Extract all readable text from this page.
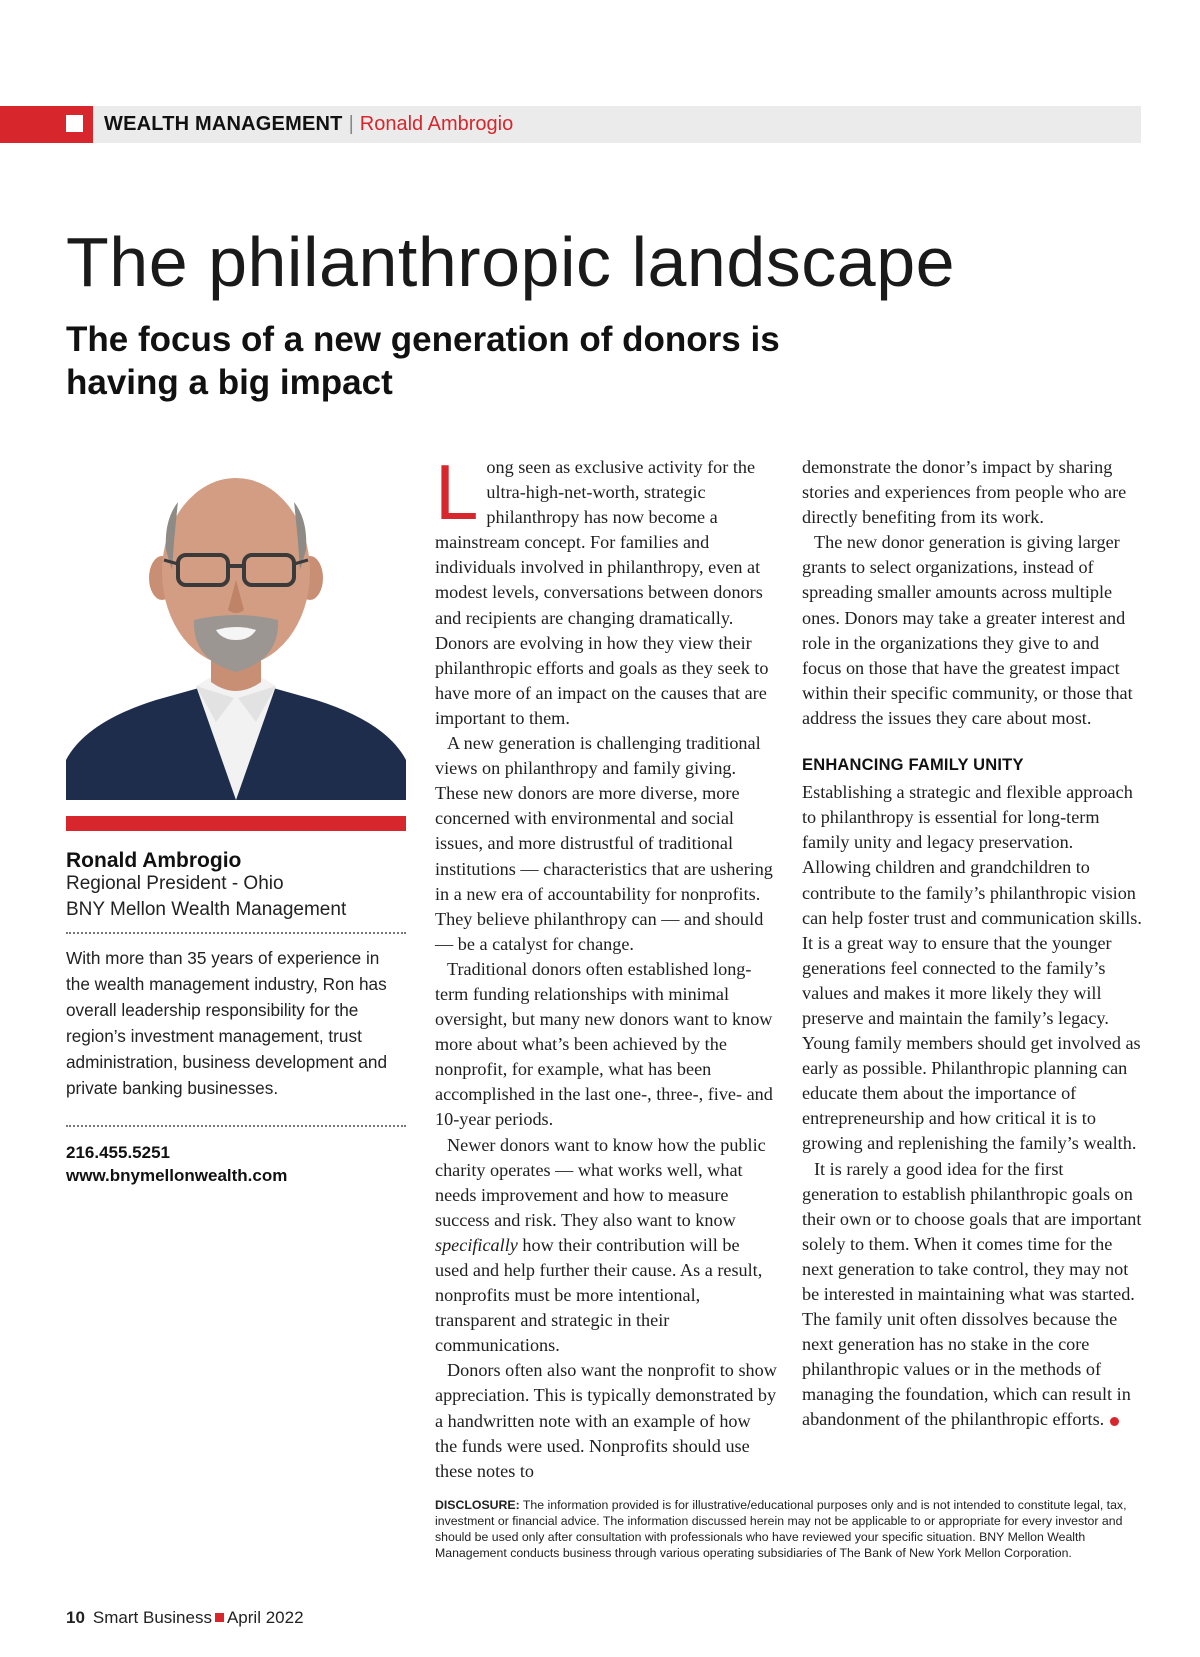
WEALTH MANAGEMENT | Ronald Ambrogio
The philanthropic landscape
The focus of a new generation of donors is having a big impact
Ronald Ambrogio
Regional President - Ohio
BNY Mellon Wealth Management
With more than 35 years of experience in the wealth management industry, Ron has overall leadership responsibility for the region’s investment management, trust administration, business development and private banking businesses.
216.455.5251
www.bnymellonwealth.com

Long seen as exclusive activity for the ultra-high-net-worth, strategic philanthropy has now become a mainstream concept. For families and individuals involved in philanthropy, even at modest levels, conversations between donors and recipients are changing dramatically. Donors are evolving in how they view their philanthropic efforts and goals as they seek to have more of an impact on the causes that are important to them.

A new generation is challenging traditional views on philanthropy and family giving. These new donors are more diverse, more concerned with environmental and social issues, and more distrustful of traditional institutions — characteristics that are ushering in a new era of accountability for nonprofits. They believe philanthropy can — and should — be a catalyst for change.

Traditional donors often established long-term funding relationships with minimal oversight, but many new donors want to know more about what’s been achieved by the nonprofit, for example, what has been accomplished in the last one-, three-, five- and 10-year periods.

Newer donors want to know how the public charity operates — what works well, what needs improvement and how to measure success and risk. They also want to know specifically how their contribution will be used and help further their cause. As a result, nonprofits must be more intentional, transparent and strategic in their communications.

Donors often also want the nonprofit to show appreciation. This is typically demonstrated by a handwritten note with an example of how the funds were used. Nonprofits should use these notes to

demonstrate the donor’s impact by sharing stories and experiences from people who are directly benefiting from its work.

The new donor generation is giving larger grants to select organizations, instead of spreading smaller amounts across multiple ones. Donors may take a greater interest and role in the organizations they give to and focus on those that have the greatest impact within their specific community, or those that address the issues they care about most.

ENHANCING FAMILY UNITY

Establishing a strategic and flexible approach to philanthropy is essential for long-term family unity and legacy preservation. Allowing children and grandchildren to contribute to the family’s philanthropic vision can help foster trust and communication skills. It is a great way to ensure that the younger generations feel connected to the family’s values and makes it more likely they will preserve and maintain the family’s legacy. Young family members should get involved as early as possible. Philanthropic planning can educate them about the importance of entrepreneurship and how critical it is to growing and replenishing the family’s wealth.

It is rarely a good idea for the first generation to establish philanthropic goals on their own or to choose goals that are important solely to them. When it comes time for the next generation to take control, they may not be interested in maintaining what was started. The family unit often dissolves because the next generation has no stake in the core philanthropic values or in the methods of managing the foundation, which can result in abandonment of the philanthropic efforts.

DISCLOSURE: The information provided is for illustrative/educational purposes only and is not intended to constitute legal, tax, investment or financial advice. The information discussed herein may not be applicable to or appropriate for every investor and should be used only after consultation with professionals who have reviewed your specific situation. BNY Mellon Wealth Management conducts business through various operating subsidiaries of The Bank of New York Mellon Corporation.
10 Smart Business April 2022
